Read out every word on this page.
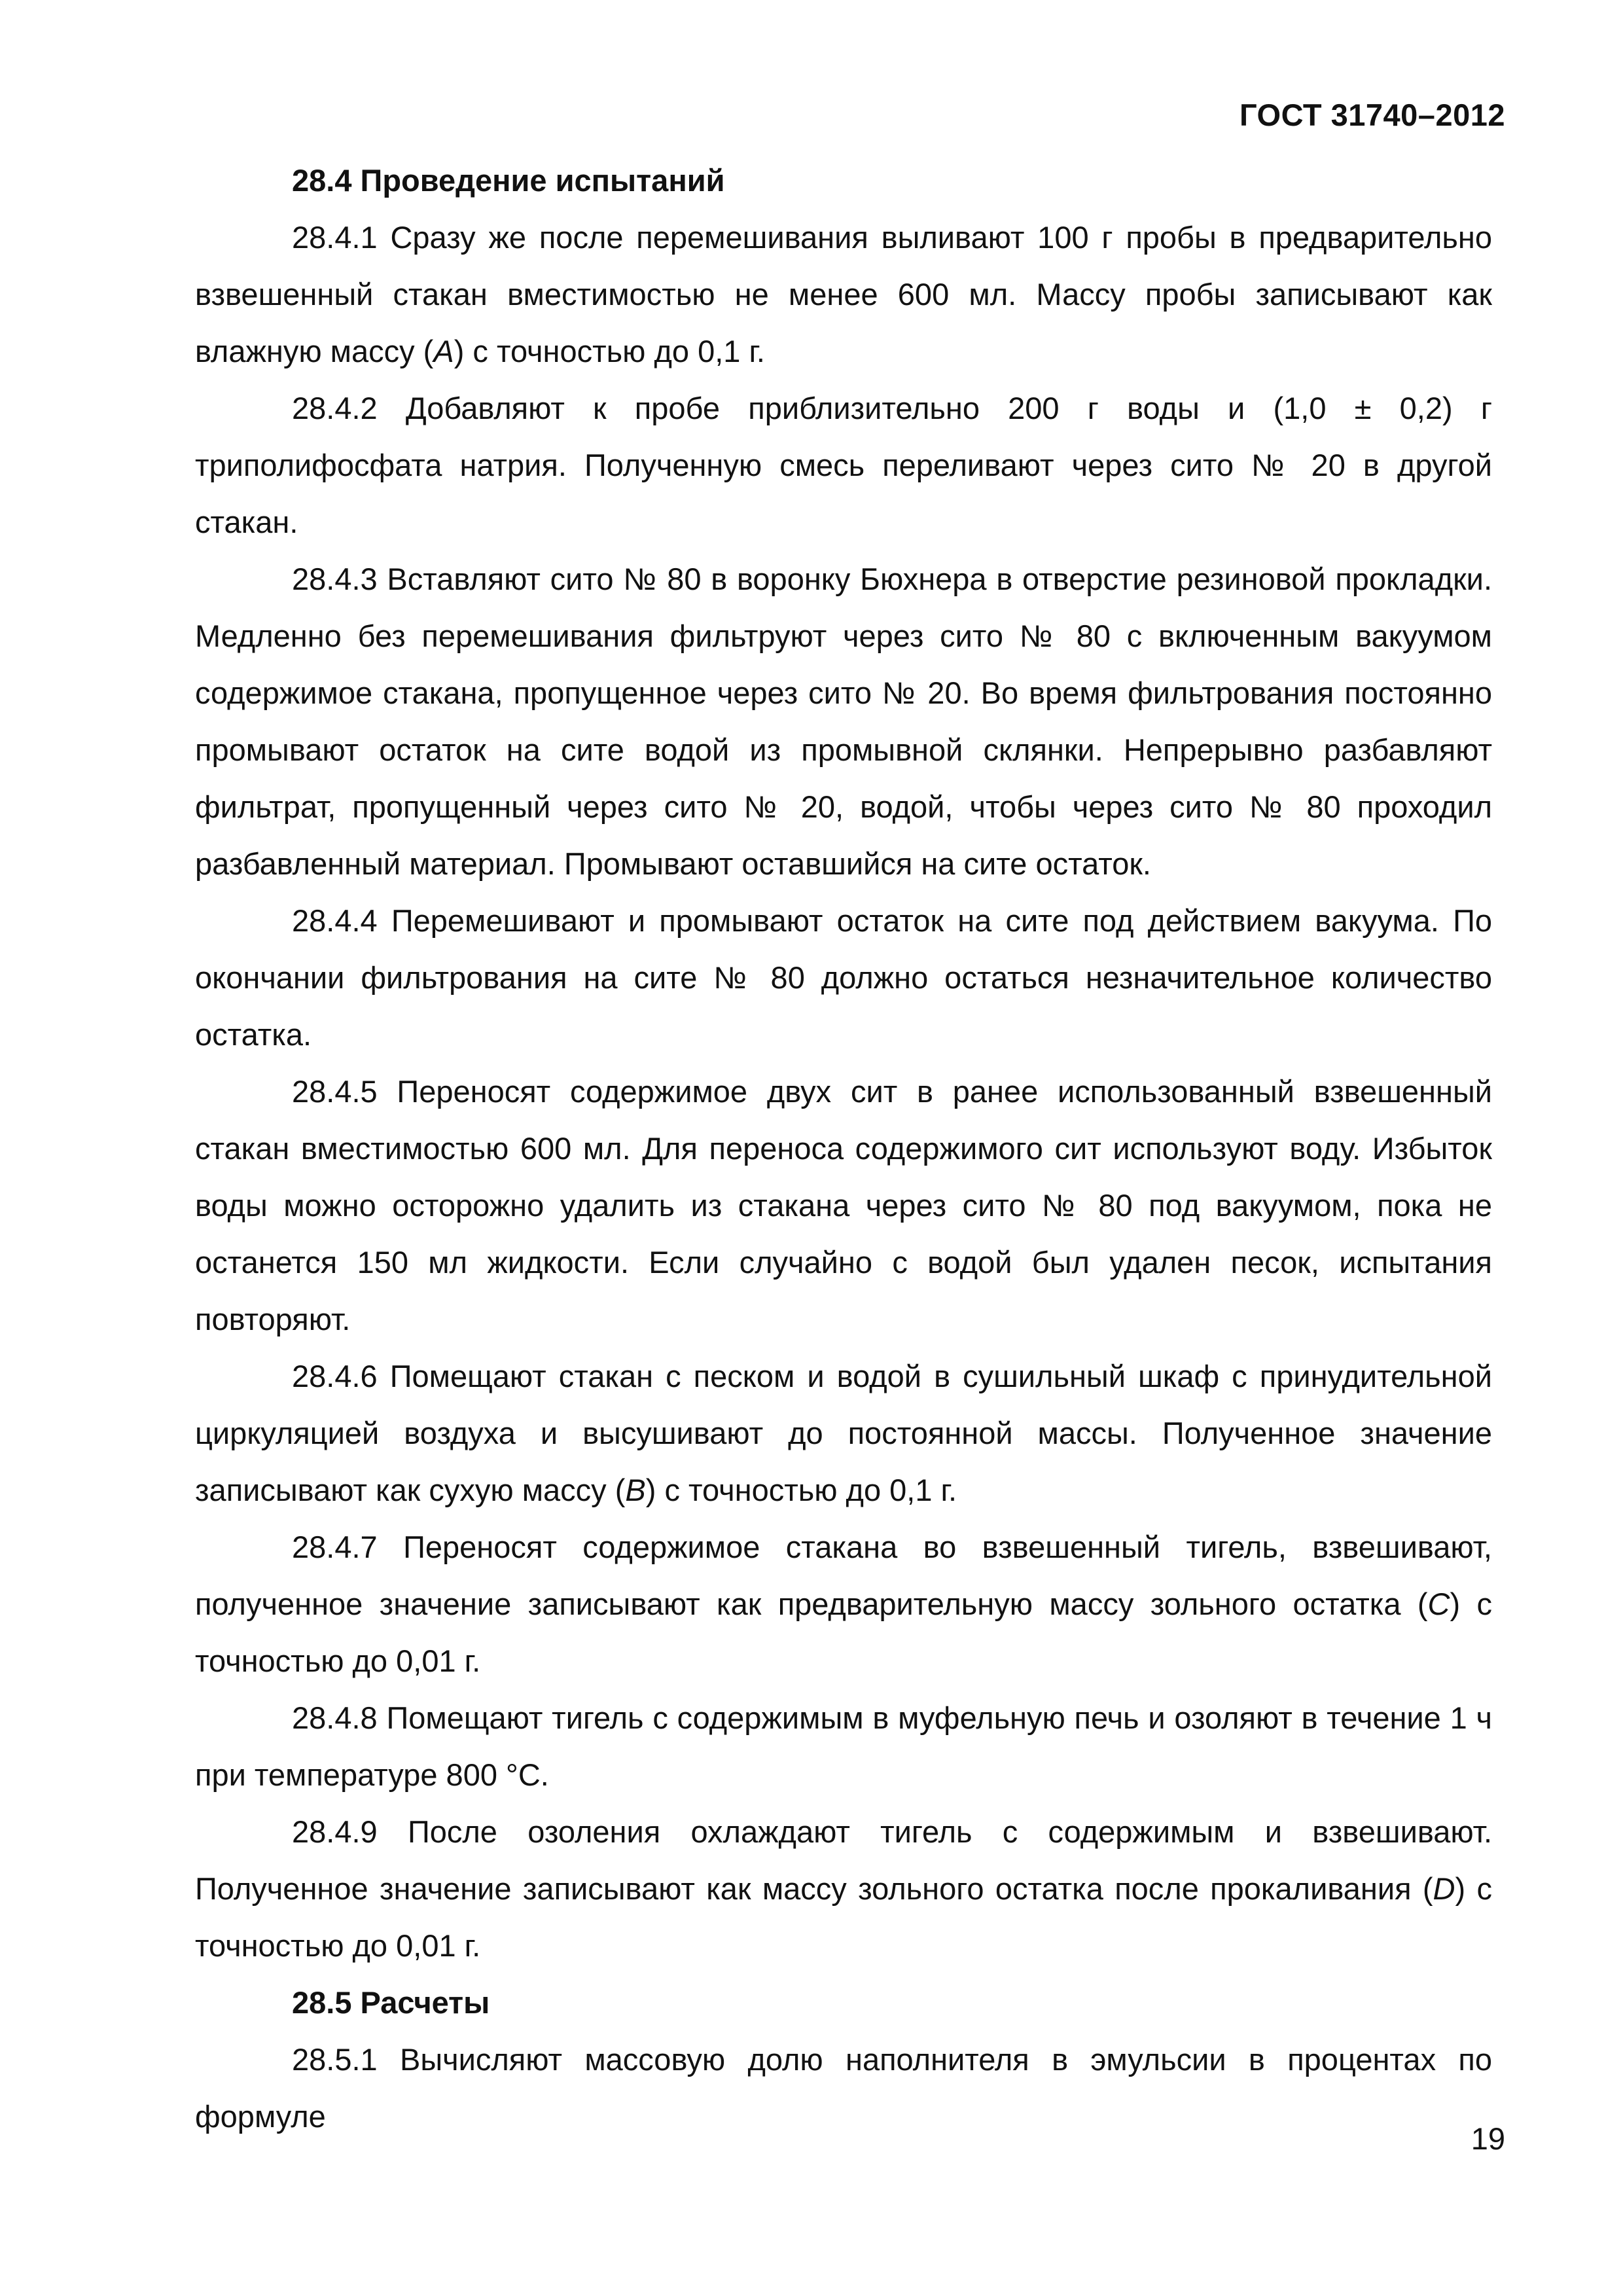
ГОСТ 31740–2012
28.4 Проведение испытаний

28.4.1 Сразу же после перемешивания выливают 100 г пробы в предварительно взвешенный стакан вместимостью не менее 600 мл. Массу пробы записывают как влажную массу (A) с точностью до 0,1 г.

28.4.2 Добавляют к пробе приблизительно 200 г воды и (1,0 ± 0,2) г триполифосфата натрия. Полученную смесь переливают через сито № 20 в другой стакан.

28.4.3 Вставляют сито № 80 в воронку Бюхнера в отверстие резиновой прокладки. Медленно без перемешивания фильтруют через сито № 80 с включенным вакуумом содержимое стакана, пропущенное через сито № 20. Во время фильтрования постоянно промывают остаток на сите водой из промывной склянки. Непрерывно разбавляют фильтрат, пропущенный через сито № 20, водой, чтобы через сито № 80 проходил разбавленный материал. Промывают оставшийся на сите остаток.

28.4.4 Перемешивают и промывают остаток на сите под действием вакуума. По окончании фильтрования на сите № 80 должно остаться незначительное количество остатка.

28.4.5 Переносят содержимое двух сит в ранее использованный взвешенный стакан вместимостью 600 мл. Для переноса содержимого сит используют воду. Избыток воды можно осторожно удалить из стакана через сито № 80 под вакуумом, пока не останется 150 мл жидкости. Если случайно с водой был удален песок, испытания повторяют.

28.4.6 Помещают стакан с песком и водой в сушильный шкаф с принудительной циркуляцией воздуха и высушивают до постоянной массы. Полученное значение записывают как сухую массу (B) с точностью до 0,1 г.

28.4.7 Переносят содержимое стакана во взвешенный тигель, взвешивают, полученное значение записывают как предварительную массу зольного остатка (C) с точностью до 0,01 г.

28.4.8 Помещают тигель с содержимым в муфельную печь и озоляют в течение 1 ч при температуре 800 °С.

28.4.9 После озоления охлаждают тигель с содержимым и взвешивают. Полученное значение записывают как массу зольного остатка после прокаливания (D) с точностью до 0,01 г.

28.5 Расчеты

28.5.1 Вычисляют массовую долю наполнителя в эмульсии в процентах по формуле

19
